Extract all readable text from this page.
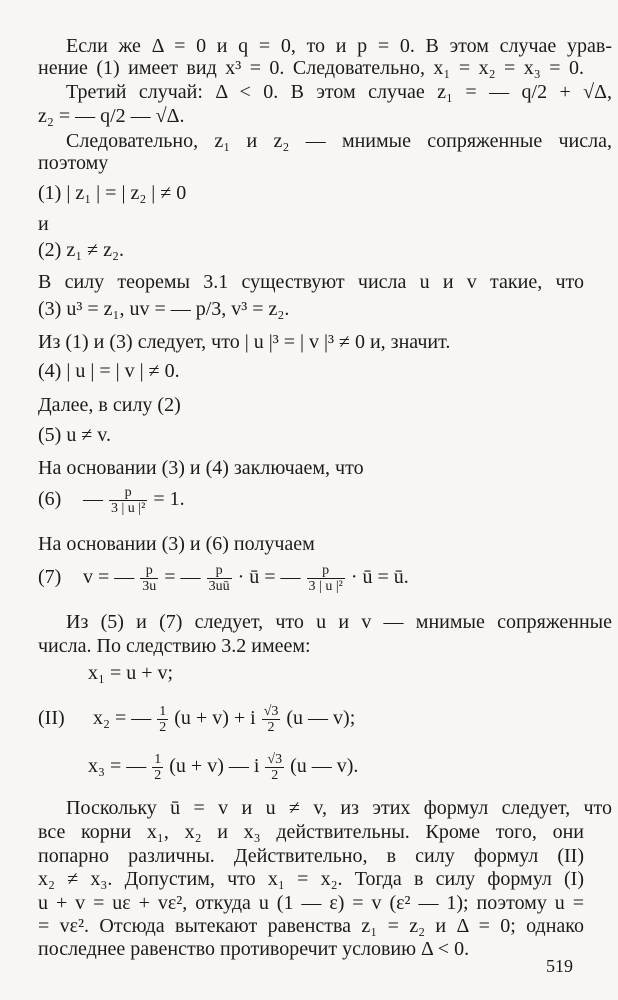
Если же Δ = 0 и q = 0, то и p = 0. В этом случае урав-
нение (1) имеет вид x³ = 0. Следовательно, x₁ = x₂ = x₃ = 0.
Третий случай: Δ < 0. В этом случае z₁ = — q/2 + √Δ,
z₂ = — q/2 — √Δ.
Следовательно, z₁ и z₂ — мнимые сопряженные числа,
поэтому
(1) | z₁ | = | z₂ | ≠ 0
и
(2) z₁ ≠ z₂.
В силу теоремы 3.1 существуют числа u и v такие, что
(3) u³ = z₁, uv = — p/3, v³ = z₂.
Из (1) и (3) следует, что | u |³ = | v |³ ≠ 0 и, значит.
(4) | u | = | v | ≠ 0.
Далее, в силу (2)
(5) u ≠ v.
На основании (3) и (4) заключаем, что
(6) — $\frac{p}{\text{3 | u |²}} = 1$.
На основании (3) и (6) получаем
(7) v = — $\frac{p}{3u}$ = — $\frac{p}{3uū}$ · ū = — $\frac{p}{\text{3 | u |²}}$ · ū = ū.
Из (5) и (7) следует, что u и v — мнимые сопряженные
числа. По следствию 3.2 имеем:
x₁ = u + v;
(II) x₂ = — $\frac{1}{2} (u + v) + i \frac{√3}{2} (u$ — v);
x₃ = — $\frac{1}{2} (u + v)$ — i $\frac{√3}{2} (u$ — v).
Поскольку ū = v и u ≠ v, из этих формул следует, что
все корни x₁, x₂ и x₃ действительны. Кроме того, они
попарно различны. Действительно, в силу формул (II)
x₂ ≠ x₃. Допустим, что x₁ = x₂. Тогда в силу формул (I)
u + v = uε + vε², откуда u (1 — ε) = v (ε² — 1); поэтому u =
= vε². Отсюда вытекают равенства z₁ = z₂ и Δ = 0; однако
последнее равенство противоречит условию Δ < 0.
519
